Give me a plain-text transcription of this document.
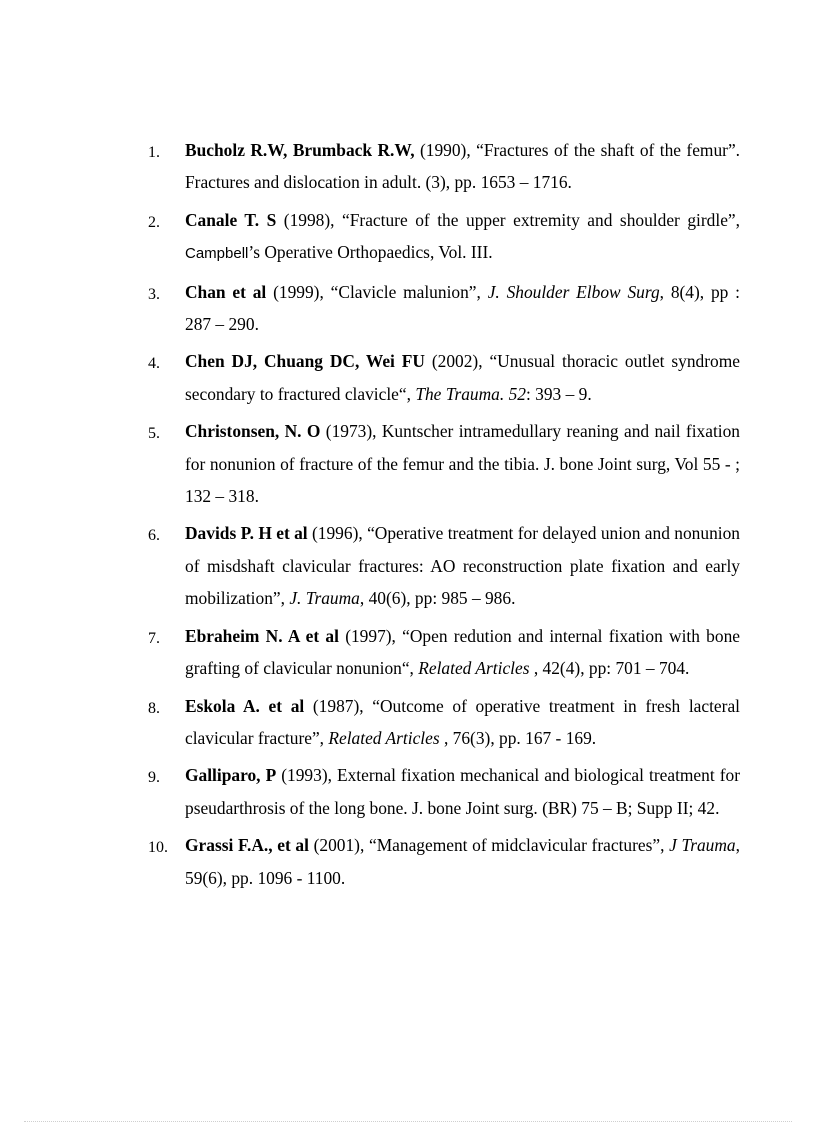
1. Bucholz R.W, Brumback R.W, (1990), “Fractures of the shaft of the femur”. Fractures and dislocation in adult. (3), pp. 1653 – 1716.
2. Canale T. S (1998), “Fracture of the upper extremity and shoulder girdle”, Campbell’s Operative Orthopaedics, Vol. III.
3. Chan et al (1999), “Clavicle malunion”, J. Shoulder Elbow Surg, 8(4), pp : 287 – 290.
4. Chen DJ, Chuang DC, Wei FU (2002), “Unusual thoracic outlet syndrome secondary to fractured clavicle“, The Trauma. 52: 393 – 9.
5. Christonsen, N. O (1973), Kuntscher intramedullary reaning and nail fixation for nonunion of fracture of the femur and the tibia. J. bone Joint surg, Vol 55 - ; 132 – 318.
6. Davids P. H et al (1996), “Operative treatment for delayed union and nonunion of misdshaft clavicular fractures: AO reconstruction plate fixation and early mobilization”, J. Trauma, 40(6), pp: 985 – 986.
7. Ebraheim N. A et al (1997), “Open redution and internal fixation with bone grafting of clavicular nonunion“, Related Articles , 42(4), pp: 701 – 704.
8. Eskola A. et al (1987), “Outcome of operative treatment in fresh lacteral clavicular fracture”, Related Articles , 76(3), pp. 167 - 169.
9. Galliparo, P (1993), External fixation mechanical and biological treatment for pseudarthrosis of the long bone. J. bone Joint surg. (BR) 75 – B; Supp II; 42.
10. Grassi F.A., et al (2001), “Management of midclavicular fractures”, J Trauma, 59(6), pp. 1096 - 1100.
